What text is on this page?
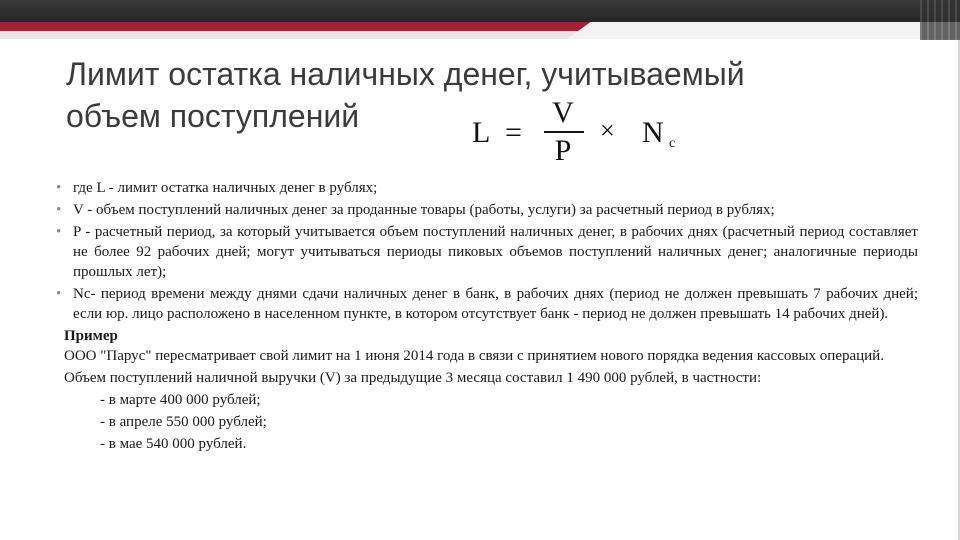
Лимит остатка наличных денег, учитываемый
объем поступлений	L =
V
P
× N c
• где L - лимит остатка наличных денег в рублях;
• V - объем поступлений наличных денег за проданные товары (работы, услуги) за расчетный период в рублях;
• P - расчетный период, за который учитывается объем поступлений наличных денег, в рабочих днях (расчетный период составляет не более 92 рабочих дней; могут учитываться периоды пиковых объемов поступлений наличных денег; аналогичные периоды прошлых лет);
• Nc- период времени между днями сдачи наличных денег в банк, в рабочих днях (период не должен превышать 7 рабочих дней; если юр. лицо расположено в населенном пункте, в котором отсутствует банк - период не должен превышать 14 рабочих дней).
Пример
ООО "Парус" пересматривает свой лимит на 1 июня 2014 года в связи с принятием нового порядка ведения кассовых операций.
Объем поступлений наличной выручки (V) за предыдущие 3 месяца составил 1 490 000 рублей, в частности:
- в марте 400 000 рублей;
- в апреле 550 000 рублей;
- в мае 540 000 рублей.
